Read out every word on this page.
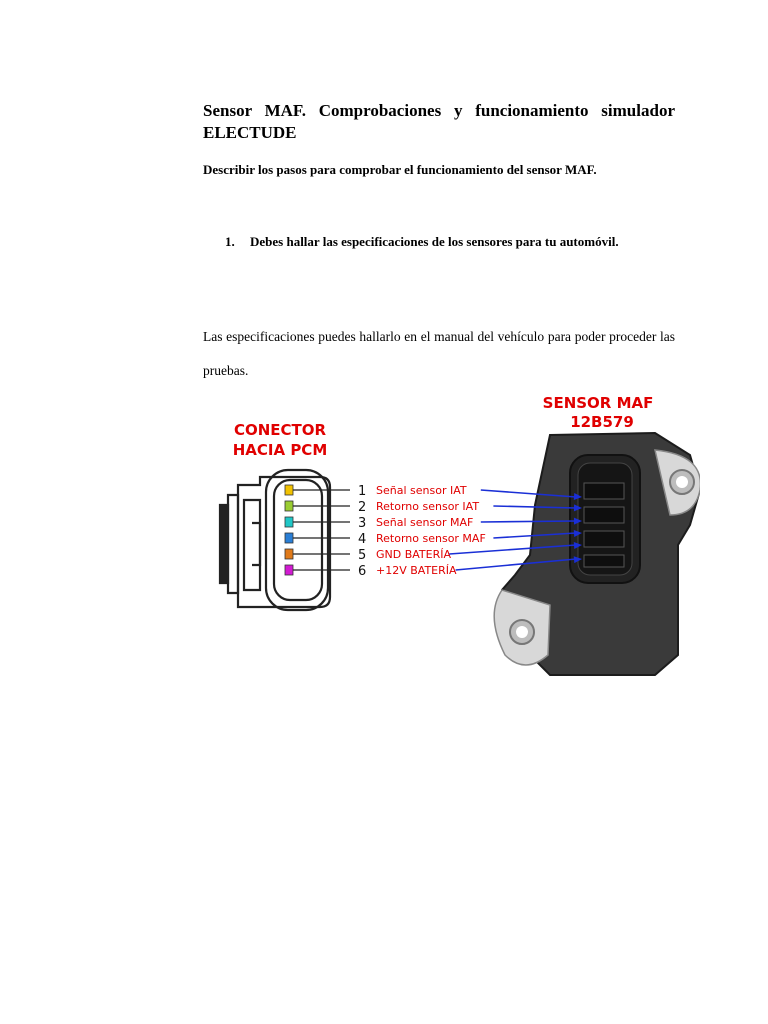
Sensor MAF. Comprobaciones y funcionamiento simulador ELECTUDE
Describir los pasos para comprobar el funcionamiento del sensor MAF.
1. Debes hallar las especificaciones de los sensores para tu automóvil.
Las especificaciones puedes hallarlo en el manual del vehículo para poder proceder las pruebas.
SENSOR MAF
12B579
CONECTOR
HACIA PCM
1 Señal sensor IAT
2 Retorno sensor IAT
3 Señal sensor MAF
4 Retorno sensor MAF
5 GND BATERÍA
6 +12V BATERÍA
